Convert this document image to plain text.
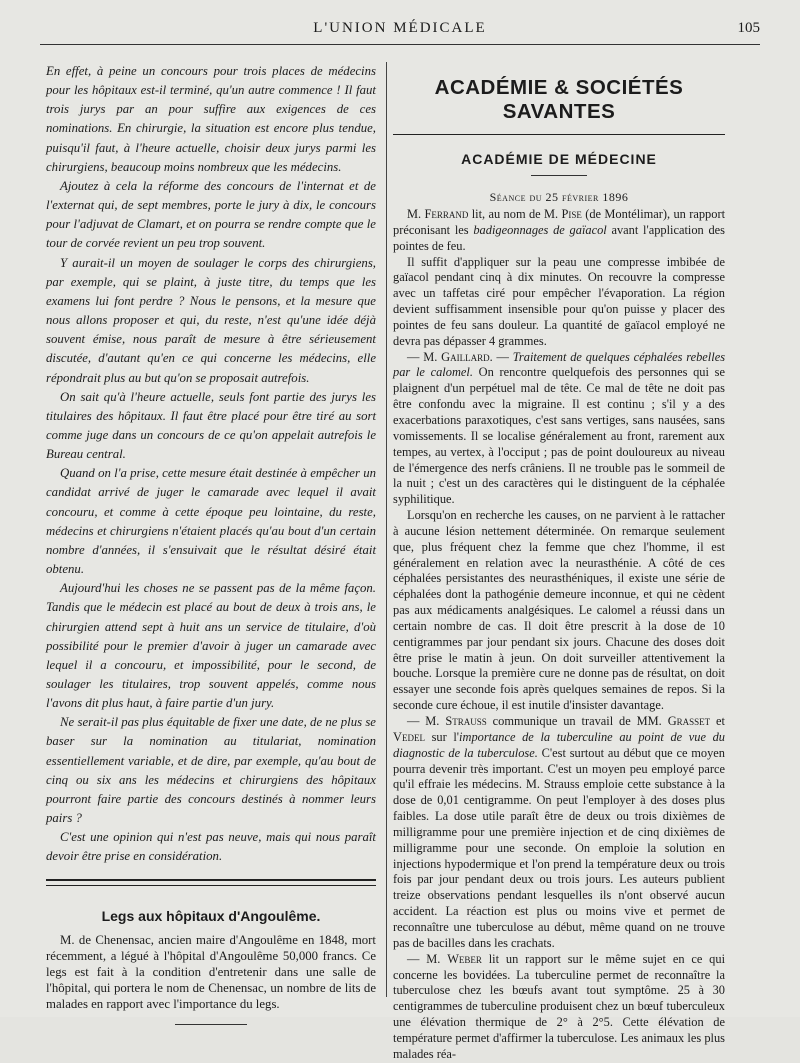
L'UNION MÉDICALE	105

En effet, à peine un concours pour trois places de médecins pour les hôpitaux est-il terminé, qu'un autre commence ! Il faut trois jurys par an pour suffire aux exigences de ces nominations. En chirurgie, la situation est encore plus tendue, puisqu'il faut, à l'heure actuelle, choisir deux jurys parmi les chirurgiens, beaucoup moins nombreux que les médecins.

Ajoutez à cela la réforme des concours de l'internat et de l'externat qui, de sept membres, porte le jury à dix, le concours pour l'adjuvat de Clamart, et on pourra se rendre compte que le tour de corvée revient un peu trop souvent.

Y aurait-il un moyen de soulager le corps des chirurgiens, par exemple, qui se plaint, à juste titre, du temps que les examens lui font perdre ? Nous le pensons, et la mesure que nous allons proposer et qui, du reste, n'est qu'une idée déjà souvent émise, nous paraît de mesure à être sérieusement discutée, d'autant qu'en ce qui concerne les médecins, elle répondrait plus au but qu'on se proposait autrefois.

On sait qu'à l'heure actuelle, seuls font partie des jurys les titulaires des hôpitaux. Il faut être placé pour être tiré au sort comme juge dans un concours de ce qu'on appelait autrefois le Bureau central.

Quand on l'a prise, cette mesure était destinée à empêcher un candidat arrivé de juger le camarade avec lequel il avait concouru, et comme à cette époque peu lointaine, du reste, médecins et chirurgiens n'étaient placés qu'au bout d'un certain nombre d'années, il s'ensuivait que le résultat désiré était obtenu.

Aujourd'hui les choses ne se passent pas de la même façon. Tandis que le médecin est placé au bout de deux à trois ans, le chirurgien attend sept à huit ans un service de titulaire, d'où possibilité pour le premier d'avoir à juger un camarade avec lequel il a concouru, et impossibilité, pour le second, de soulager les titulaires, trop souvent appelés, comme nous l'avons dit plus haut, à faire partie d'un jury.

Ne serait-il pas plus équitable de fixer une date, de ne plus se baser sur la nomination au titulariat, nomination essentiellement variable, et de dire, par exemple, qu'au bout de cinq ou six ans les médecins et chirurgiens des hôpitaux pourront faire partie des concours destinés à nommer leurs pairs ?

C'est une opinion qui n'est pas neuve, mais qui nous paraît devoir être prise en considération.

Legs aux hôpitaux d'Angoulême.

M. de Chenensac, ancien maire d'Angoulême en 1848, mort récemment, a légué à l'hôpital d'Angoulême 50,000 francs. Ce legs est fait à la condition d'entretenir dans une salle de l'hôpital, qui portera le nom de Chenensac, un nombre de lits de malades en rapport avec l'importance du legs.

ACADÉMIE & SOCIÉTÉS SAVANTES
ACADÉMIE DE MÉDECINE
Séance du 25 février 1896

M. Ferrand lit, au nom de M. Pise (de Montélimar), un rapport préconisant les badigeonnages de gaïacol avant l'application des pointes de feu.

Il suffit d'appliquer sur la peau une compresse imbibée de gaïacol pendant cinq à dix minutes. On recouvre la compresse avec un taffetas ciré pour empêcher l'évaporation. La région devient suffisamment insensible pour qu'on puisse y placer des pointes de feu sans douleur. La quantité de gaïacol employé ne devra pas dépasser 4 grammes.

— M. Gaillard. — Traitement de quelques céphalées rebelles par le calomel. On rencontre quelquefois des personnes qui se plaignent d'un perpétuel mal de tête. Ce mal de tête ne doit pas être confondu avec la migraine. Il est continu ; s'il y a des exacerbations paraxotiques, c'est sans vertiges, sans nausées, sans vomissements. Il se localise généralement au front, rarement aux tempes, au vertex, à l'occiput ; pas de point douloureux au niveau de l'émergence des nerfs crâniens. Il ne trouble pas le sommeil de la nuit ; c'est un des caractères qui le distinguent de la céphalée syphilitique.

Lorsqu'on en recherche les causes, on ne parvient à le rattacher à aucune lésion nettement déterminée. On remarque seulement que, plus fréquent chez la femme que chez l'homme, il est généralement en relation avec la neurasthénie. A côté de ces céphalées persistantes des neurasthéniques, il existe une série de céphalées dont la pathogénie demeure inconnue, et qui ne cèdent pas aux médicaments analgésiques. Le calomel a réussi dans un certain nombre de cas. Il doit être prescrit à la dose de 10 centigrammes par jour pendant six jours. Chacune des doses doit être prise le matin à jeun. On doit surveiller attentivement la bouche. Lorsque la première cure ne donne pas de résultat, on doit essayer une seconde fois après quelques semaines de repos. Si la seconde cure échoue, il est inutile d'insister davantage.

— M. Strauss communique un travail de MM. Grasset et Vedel sur l'importance de la tuberculine au point de vue du diagnostic de la tuberculose. C'est surtout au début que ce moyen pourra devenir très important. C'est un moyen peu employé parce qu'il effraie les médecins. M. Strauss emploie cette substance à la dose de 0,01 centigramme. On peut l'employer à des doses plus faibles. La dose utile paraît être de deux ou trois dixièmes de milligramme pour une première injection et de cinq dixièmes de milligramme pour une seconde. On emploie la solution en injections hypodermique et l'on prend la température deux ou trois fois par jour pendant deux ou trois jours. Les auteurs publient treize observations pendant lesquelles ils n'ont observé aucun accident. La réaction est plus ou moins vive et permet de reconnaître une tuberculose au début, même quand on ne trouve pas de bacilles dans les crachats.

— M. Weber lit un rapport sur le même sujet en ce qui concerne les bovidées. La tuberculine permet de reconnaître la tuberculose chez les bœufs avant tout symptôme. 25 à 30 centigrammes de tuberculine produisent chez un bœuf tuberculeux une élévation thermique de 2° à 2°5. Cette élévation de température permet d'affirmer la tuberculose. Les animaux les plus malades réa-
